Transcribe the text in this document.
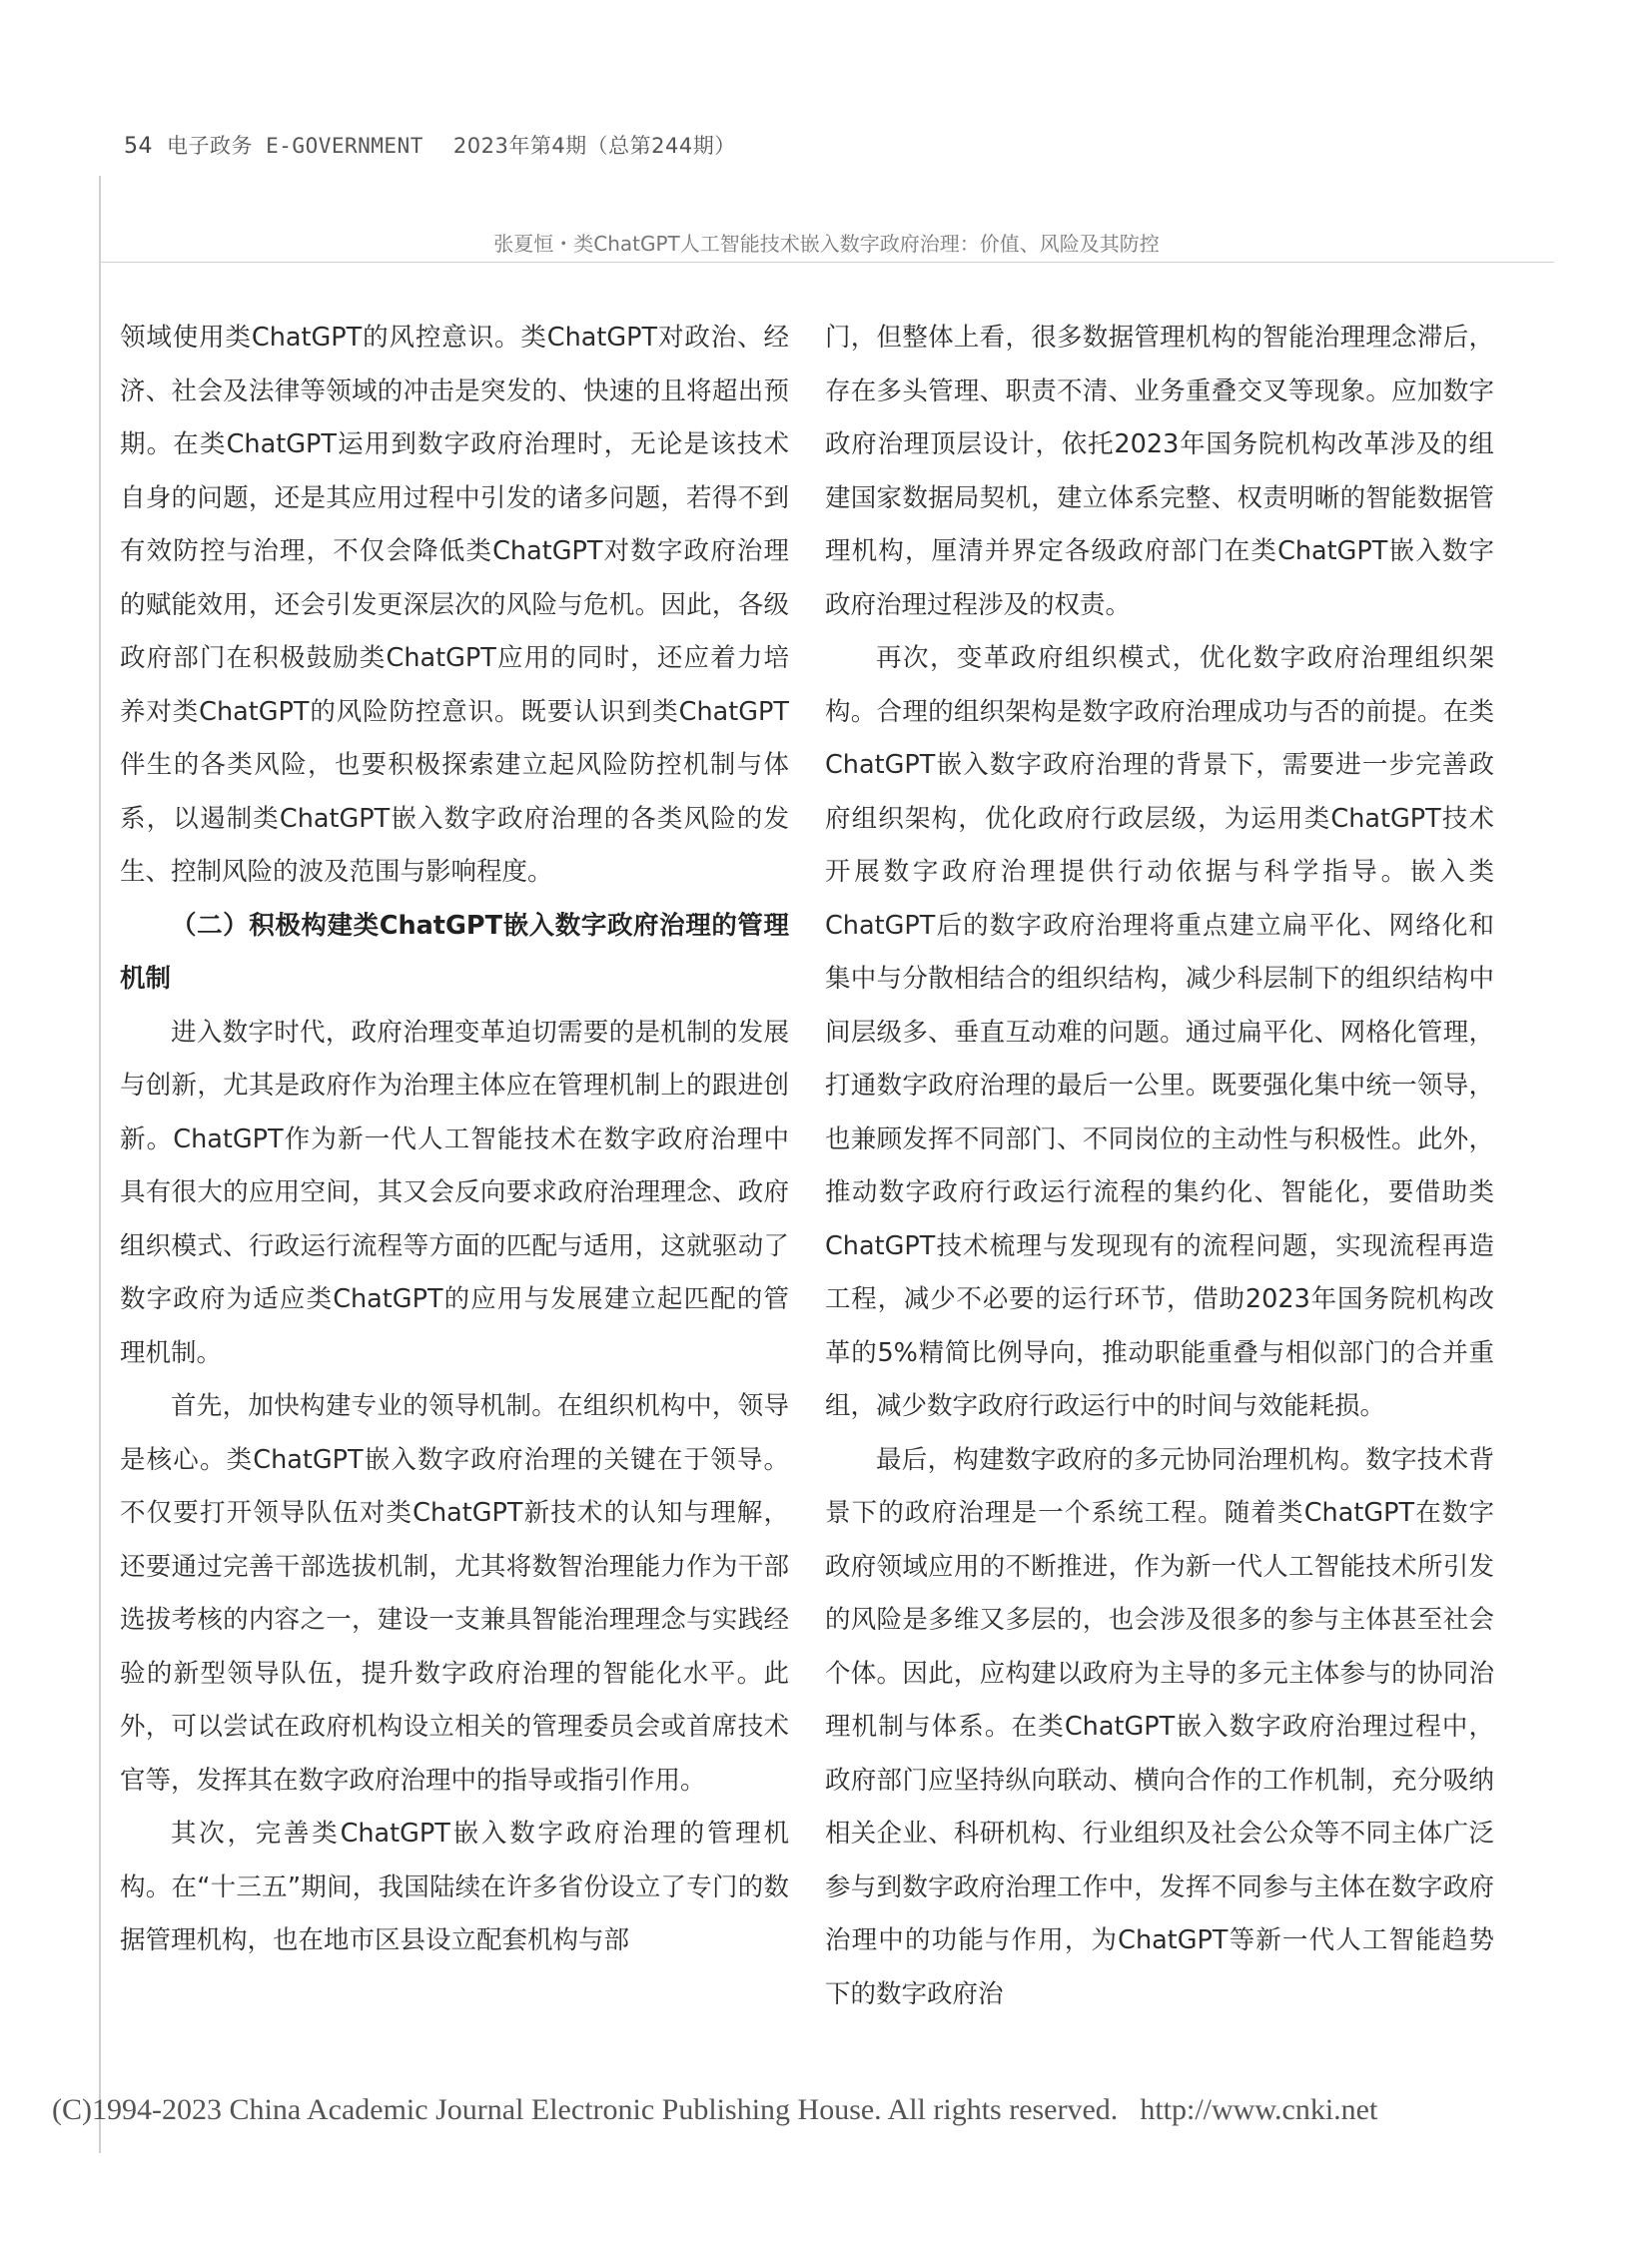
54 电子政务 E-GOVERNMENT 2023年第4期（总第244期）
张夏恒・类ChatGPT人工智能技术嵌入数字政府治理：价值、风险及其防控

领域使用类ChatGPT的风控意识。类ChatGPT对政治、经济、社会及法律等领域的冲击是突发的、快速的且将超出预期。在类ChatGPT运用到数字政府治理时，无论是该技术自身的问题，还是其应用过程中引发的诸多问题，若得不到有效防控与治理，不仅会降低类ChatGPT对数字政府治理的赋能效用，还会引发更深层次的风险与危机。因此，各级政府部门在积极鼓励类ChatGPT应用的同时，还应着力培养对类ChatGPT的风险防控意识。既要认识到类ChatGPT伴生的各类风险，也要积极探索建立起风险防控机制与体系，以遏制类ChatGPT嵌入数字政府治理的各类风险的发生、控制风险的波及范围与影响程度。

（二）积极构建类ChatGPT嵌入数字政府治理的管理机制

进入数字时代，政府治理变革迫切需要的是机制的发展与创新，尤其是政府作为治理主体应在管理机制上的跟进创新。ChatGPT作为新一代人工智能技术在数字政府治理中具有很大的应用空间，其又会反向要求政府治理理念、政府组织模式、行政运行流程等方面的匹配与适用，这就驱动了数字政府为适应类ChatGPT的应用与发展建立起匹配的管理机制。

首先，加快构建专业的领导机制。在组织机构中，领导是核心。类ChatGPT嵌入数字政府治理的关键在于领导。不仅要打开领导队伍对类ChatGPT新技术的认知与理解，还要通过完善干部选拔机制，尤其将数智治理能力作为干部选拔考核的内容之一，建设一支兼具智能治理理念与实践经验的新型领导队伍，提升数字政府治理的智能化水平。此外，可以尝试在政府机构设立相关的管理委员会或首席技术官等，发挥其在数字政府治理中的指导或指引作用。

其次，完善类ChatGPT嵌入数字政府治理的管理机构。在“十三五”期间，我国陆续在许多省份设立了专门的数据管理机构，也在地市区县设立配套机构与部

门，但整体上看，很多数据管理机构的智能治理理念滞后，存在多头管理、职责不清、业务重叠交叉等现象。应加数字政府治理顶层设计，依托2023年国务院机构改革涉及的组建国家数据局契机，建立体系完整、权责明晰的智能数据管理机构，厘清并界定各级政府部门在类ChatGPT嵌入数字政府治理过程涉及的权责。

再次，变革政府组织模式，优化数字政府治理组织架构。合理的组织架构是数字政府治理成功与否的前提。在类ChatGPT嵌入数字政府治理的背景下，需要进一步完善政府组织架构，优化政府行政层级，为运用类ChatGPT技术开展数字政府治理提供行动依据与科学指导。嵌入类ChatGPT后的数字政府治理将重点建立扁平化、网络化和集中与分散相结合的组织结构，减少科层制下的组织结构中间层级多、垂直互动难的问题。通过扁平化、网格化管理，打通数字政府治理的最后一公里。既要强化集中统一领导，也兼顾发挥不同部门、不同岗位的主动性与积极性。此外，推动数字政府行政运行流程的集约化、智能化，要借助类ChatGPT技术梳理与发现现有的流程问题，实现流程再造工程，减少不必要的运行环节，借助2023年国务院机构改革的5%精简比例导向，推动职能重叠与相似部门的合并重组，减少数字政府行政运行中的时间与效能耗损。

最后，构建数字政府的多元协同治理机构。数字技术背景下的政府治理是一个系统工程。随着类ChatGPT在数字政府领域应用的不断推进，作为新一代人工智能技术所引发的风险是多维又多层的，也会涉及很多的参与主体甚至社会个体。因此，应构建以政府为主导的多元主体参与的协同治理机制与体系。在类ChatGPT嵌入数字政府治理过程中，政府部门应坚持纵向联动、横向合作的工作机制，充分吸纳相关企业、科研机构、行业组织及社会公众等不同主体广泛参与到数字政府治理工作中，发挥不同参与主体在数字政府治理中的功能与作用，为ChatGPT等新一代人工智能趋势下的数字政府治

(C)1994-2023 China Academic Journal Electronic Publishing House. All rights reserved. http://www.cnki.net
